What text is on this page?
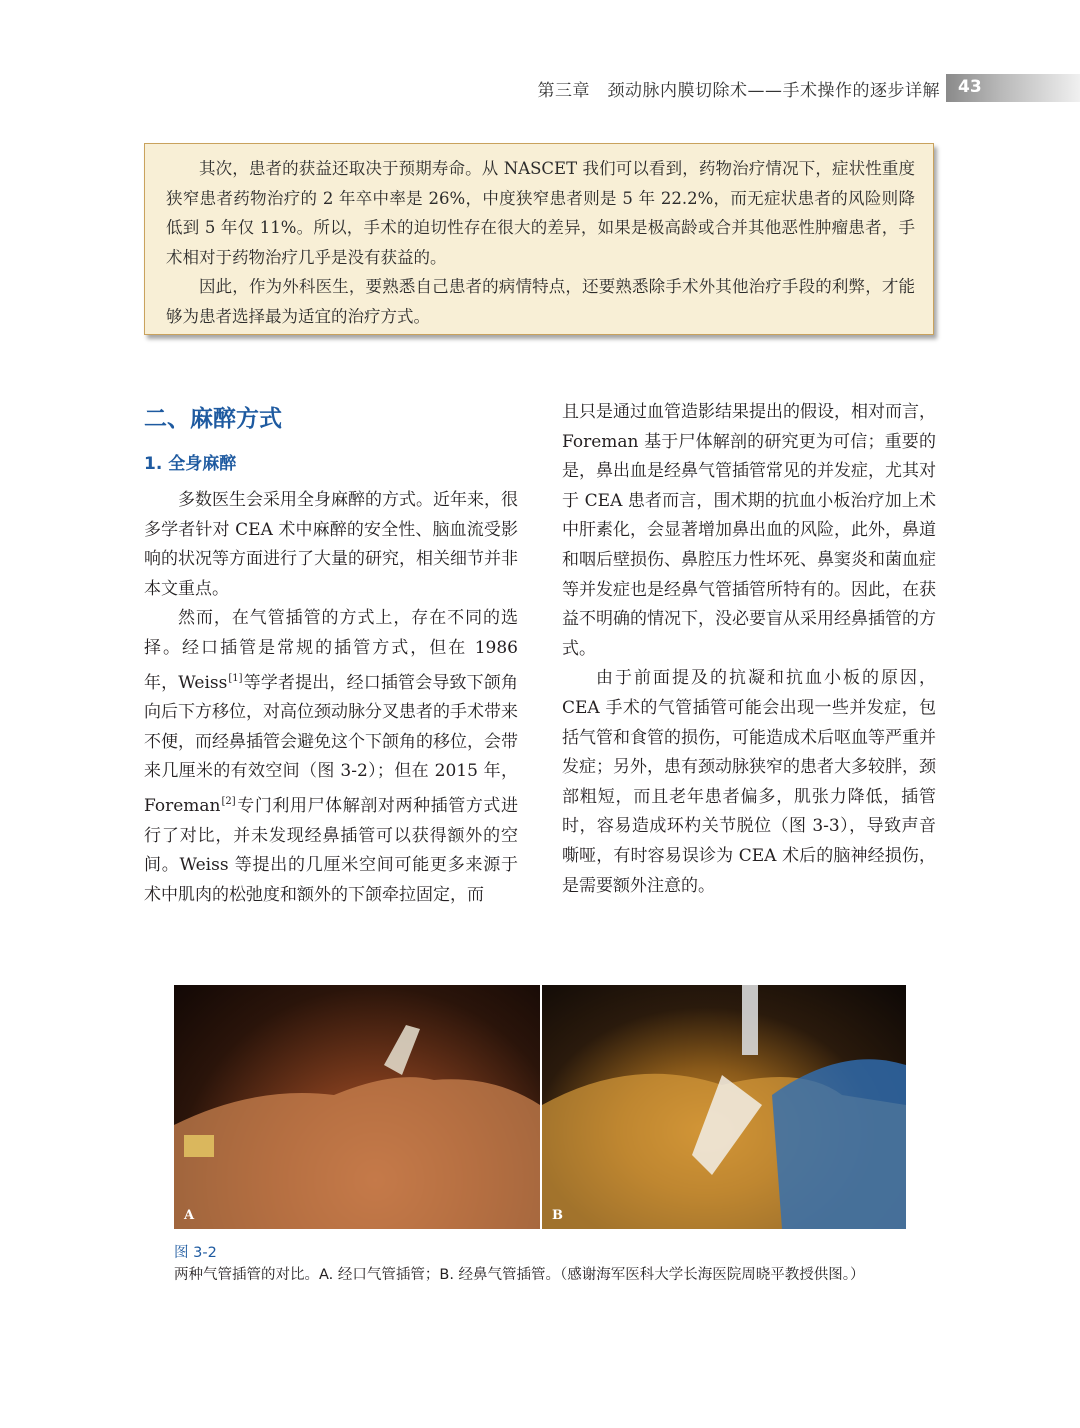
第三章　颈动脉内膜切除术——手术操作的逐步详解 43

其次，患者的获益还取决于预期寿命。从 NASCET 我们可以看到，药物治疗情况下，症状性重度狭窄患者药物治疗的 2 年卒中率是 26%，中度狭窄患者则是 5 年 22.2%，而无症状患者的风险则降低到 5 年仅 11%。所以，手术的迫切性存在很大的差异，如果是极高龄或合并其他恶性肿瘤患者，手术相对于药物治疗几乎是没有获益的。

因此，作为外科医生，要熟悉自己患者的病情特点，还要熟悉除手术外其他治疗手段的利弊，才能够为患者选择最为适宜的治疗方式。

二、麻醉方式
1. 全身麻醉

多数医生会采用全身麻醉的方式。近年来，很多学者针对 CEA 术中麻醉的安全性、脑血流受影响的状况等方面进行了大量的研究，相关细节并非本文重点。

然而，在气管插管的方式上，存在不同的选择。经口插管是常规的插管方式，但在 1986 年，Weiss[1]等学者提出，经口插管会导致下颌角向后下方移位，对高位颈动脉分叉患者的手术带来不便，而经鼻插管会避免这个下颌角的移位，会带来几厘米的有效空间（图 3-2）；但在 2015 年，Foreman[2]专门利用尸体解剖对两种插管方式进行了对比，并未发现经鼻插管可以获得额外的空间。Weiss 等提出的几厘米空间可能更多来源于术中肌肉的松弛度和额外的下颌牵拉固定，而

且只是通过血管造影结果提出的假设，相对而言，Foreman 基于尸体解剖的研究更为可信；重要的是，鼻出血是经鼻气管插管常见的并发症，尤其对于 CEA 患者而言，围术期的抗血小板治疗加上术中肝素化，会显著增加鼻出血的风险，此外，鼻道和咽后壁损伤、鼻腔压力性坏死、鼻窦炎和菌血症等并发症也是经鼻气管插管所特有的。因此，在获益不明确的情况下，没必要盲从采用经鼻插管的方式。

由于前面提及的抗凝和抗血小板的原因，CEA 手术的气管插管可能会出现一些并发症，包括气管和食管的损伤，可能造成术后呕血等严重并发症；另外，患有颈动脉狭窄的患者大多较胖，颈部粗短，而且老年患者偏多，肌张力降低，插管时，容易造成环杓关节脱位（图 3-3），导致声音嘶哑，有时容易误诊为 CEA 术后的脑神经损伤，是需要额外注意的。

A	B
图 3-2两种气管插管的对比。A. 经口气管插管；B. 经鼻气管插管。（感谢海军医科大学长海医院周晓平教授供图。）
